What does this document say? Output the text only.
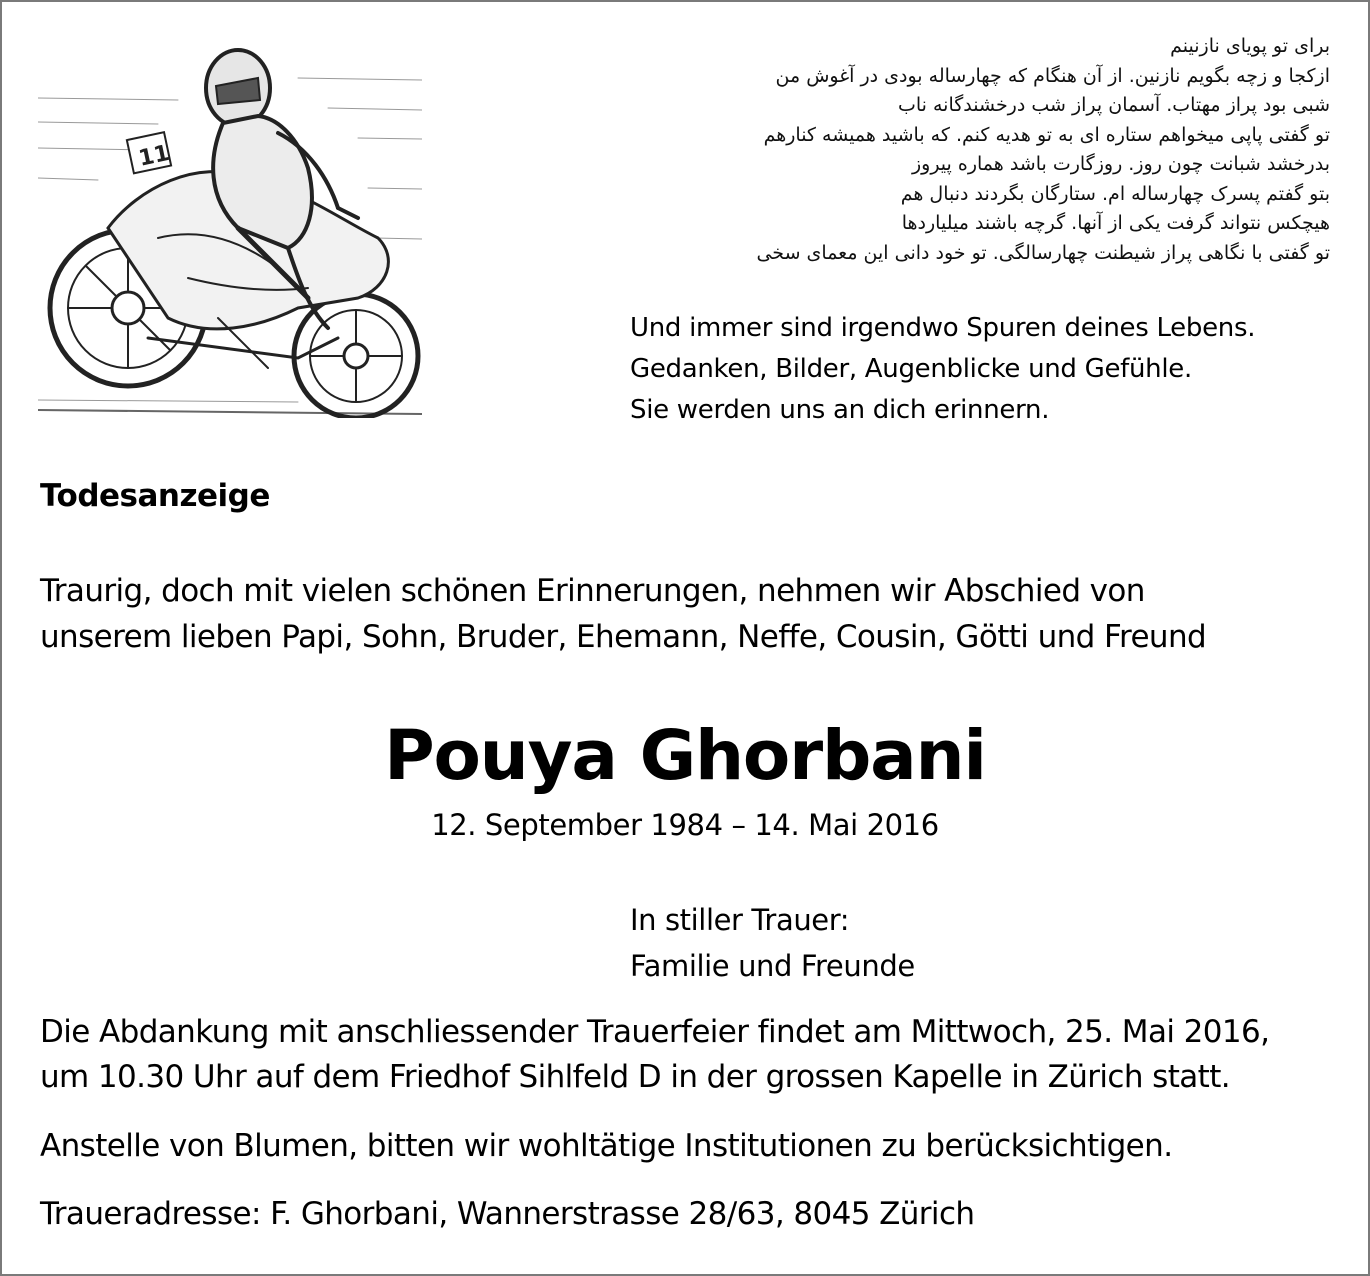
11
برای تو پویای نازنینم
ازکجا و زچه بگویم نازنین. از آن هنگام که چهارساله بودی در آغوش من
شبی بود پراز مهتاب. آسمان پراز شب درخشندگانه ناب
تو گفتی پاپی میخواهم ستاره ای به تو هدیه کنم. که باشید همیشه کنارهم
بدرخشد شبانت چون روز. روزگارت باشد هماره پیروز
بتو گفتم پسرک چهارساله ام. ستارگان بگردند دنبال هم
هیچکس نتواند گرفت یکی از آنها. گرچه باشند میلیاردها
تو گفتی با نگاهی پراز شیطنت چهارسالگی. تو خود دانی این معمای سخی
Und immer sind irgendwo Spuren deines Lebens.
Gedanken, Bilder, Augenblicke und Gefühle.
Sie werden uns an dich erinnern.
Todesanzeige
Traurig, doch mit vielen schönen Erinnerungen, nehmen wir Abschied von
unserem lieben Papi, Sohn, Bruder, Ehemann, Neffe, Cousin, Götti und Freund
Pouya Ghorbani
12. September 1984 – 14. Mai 2016
In stiller Trauer:
Familie und Freunde
Die Abdankung mit anschliessender Trauerfeier findet am Mittwoch, 25. Mai 2016,
um 10.30 Uhr auf dem Friedhof Sihlfeld D in der grossen Kapelle in Zürich statt.
Anstelle von Blumen, bitten wir wohltätige Institutionen zu berücksichtigen.
Traueradresse: F. Ghorbani, Wannerstrasse 28/63, 8045 Zürich
